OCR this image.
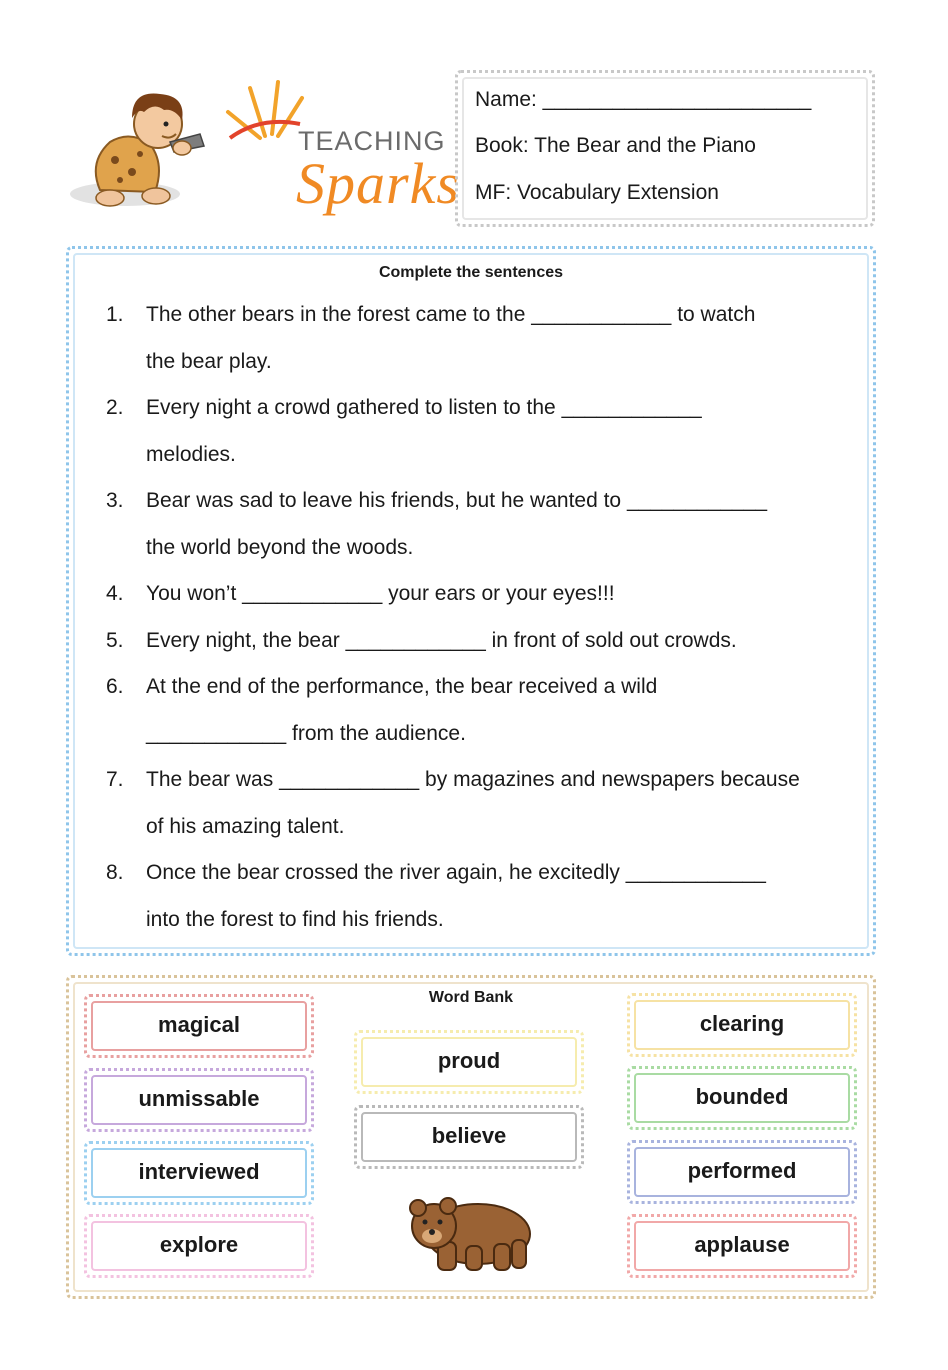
TEACHING
Sparks
Name: _______________________
Book: The Bear and the Piano
MF: Vocabulary Extension
Complete the sentences
1.	The other bears in the forest came to the ____________ to watch
the bear play.
2.	Every night a crowd gathered to listen to the ____________
melodies.
3.	Bear was sad to leave his friends, but he wanted to ____________
the world beyond the woods.
4.	You won’t ____________ your ears or your eyes!!!
5.	Every night, the bear ____________ in front of sold out crowds.
6.	At the end of the performance, the bear received a wild
____________ from the audience.
7.	The bear was ____________ by magazines and newspapers because
of his amazing talent.
8.	Once the bear crossed the river again, he excitedly ____________
into the forest to find his friends.
Word Bank
magical
unmissable
interviewed
explore
proud
believe
clearing
bounded
performed
applause
